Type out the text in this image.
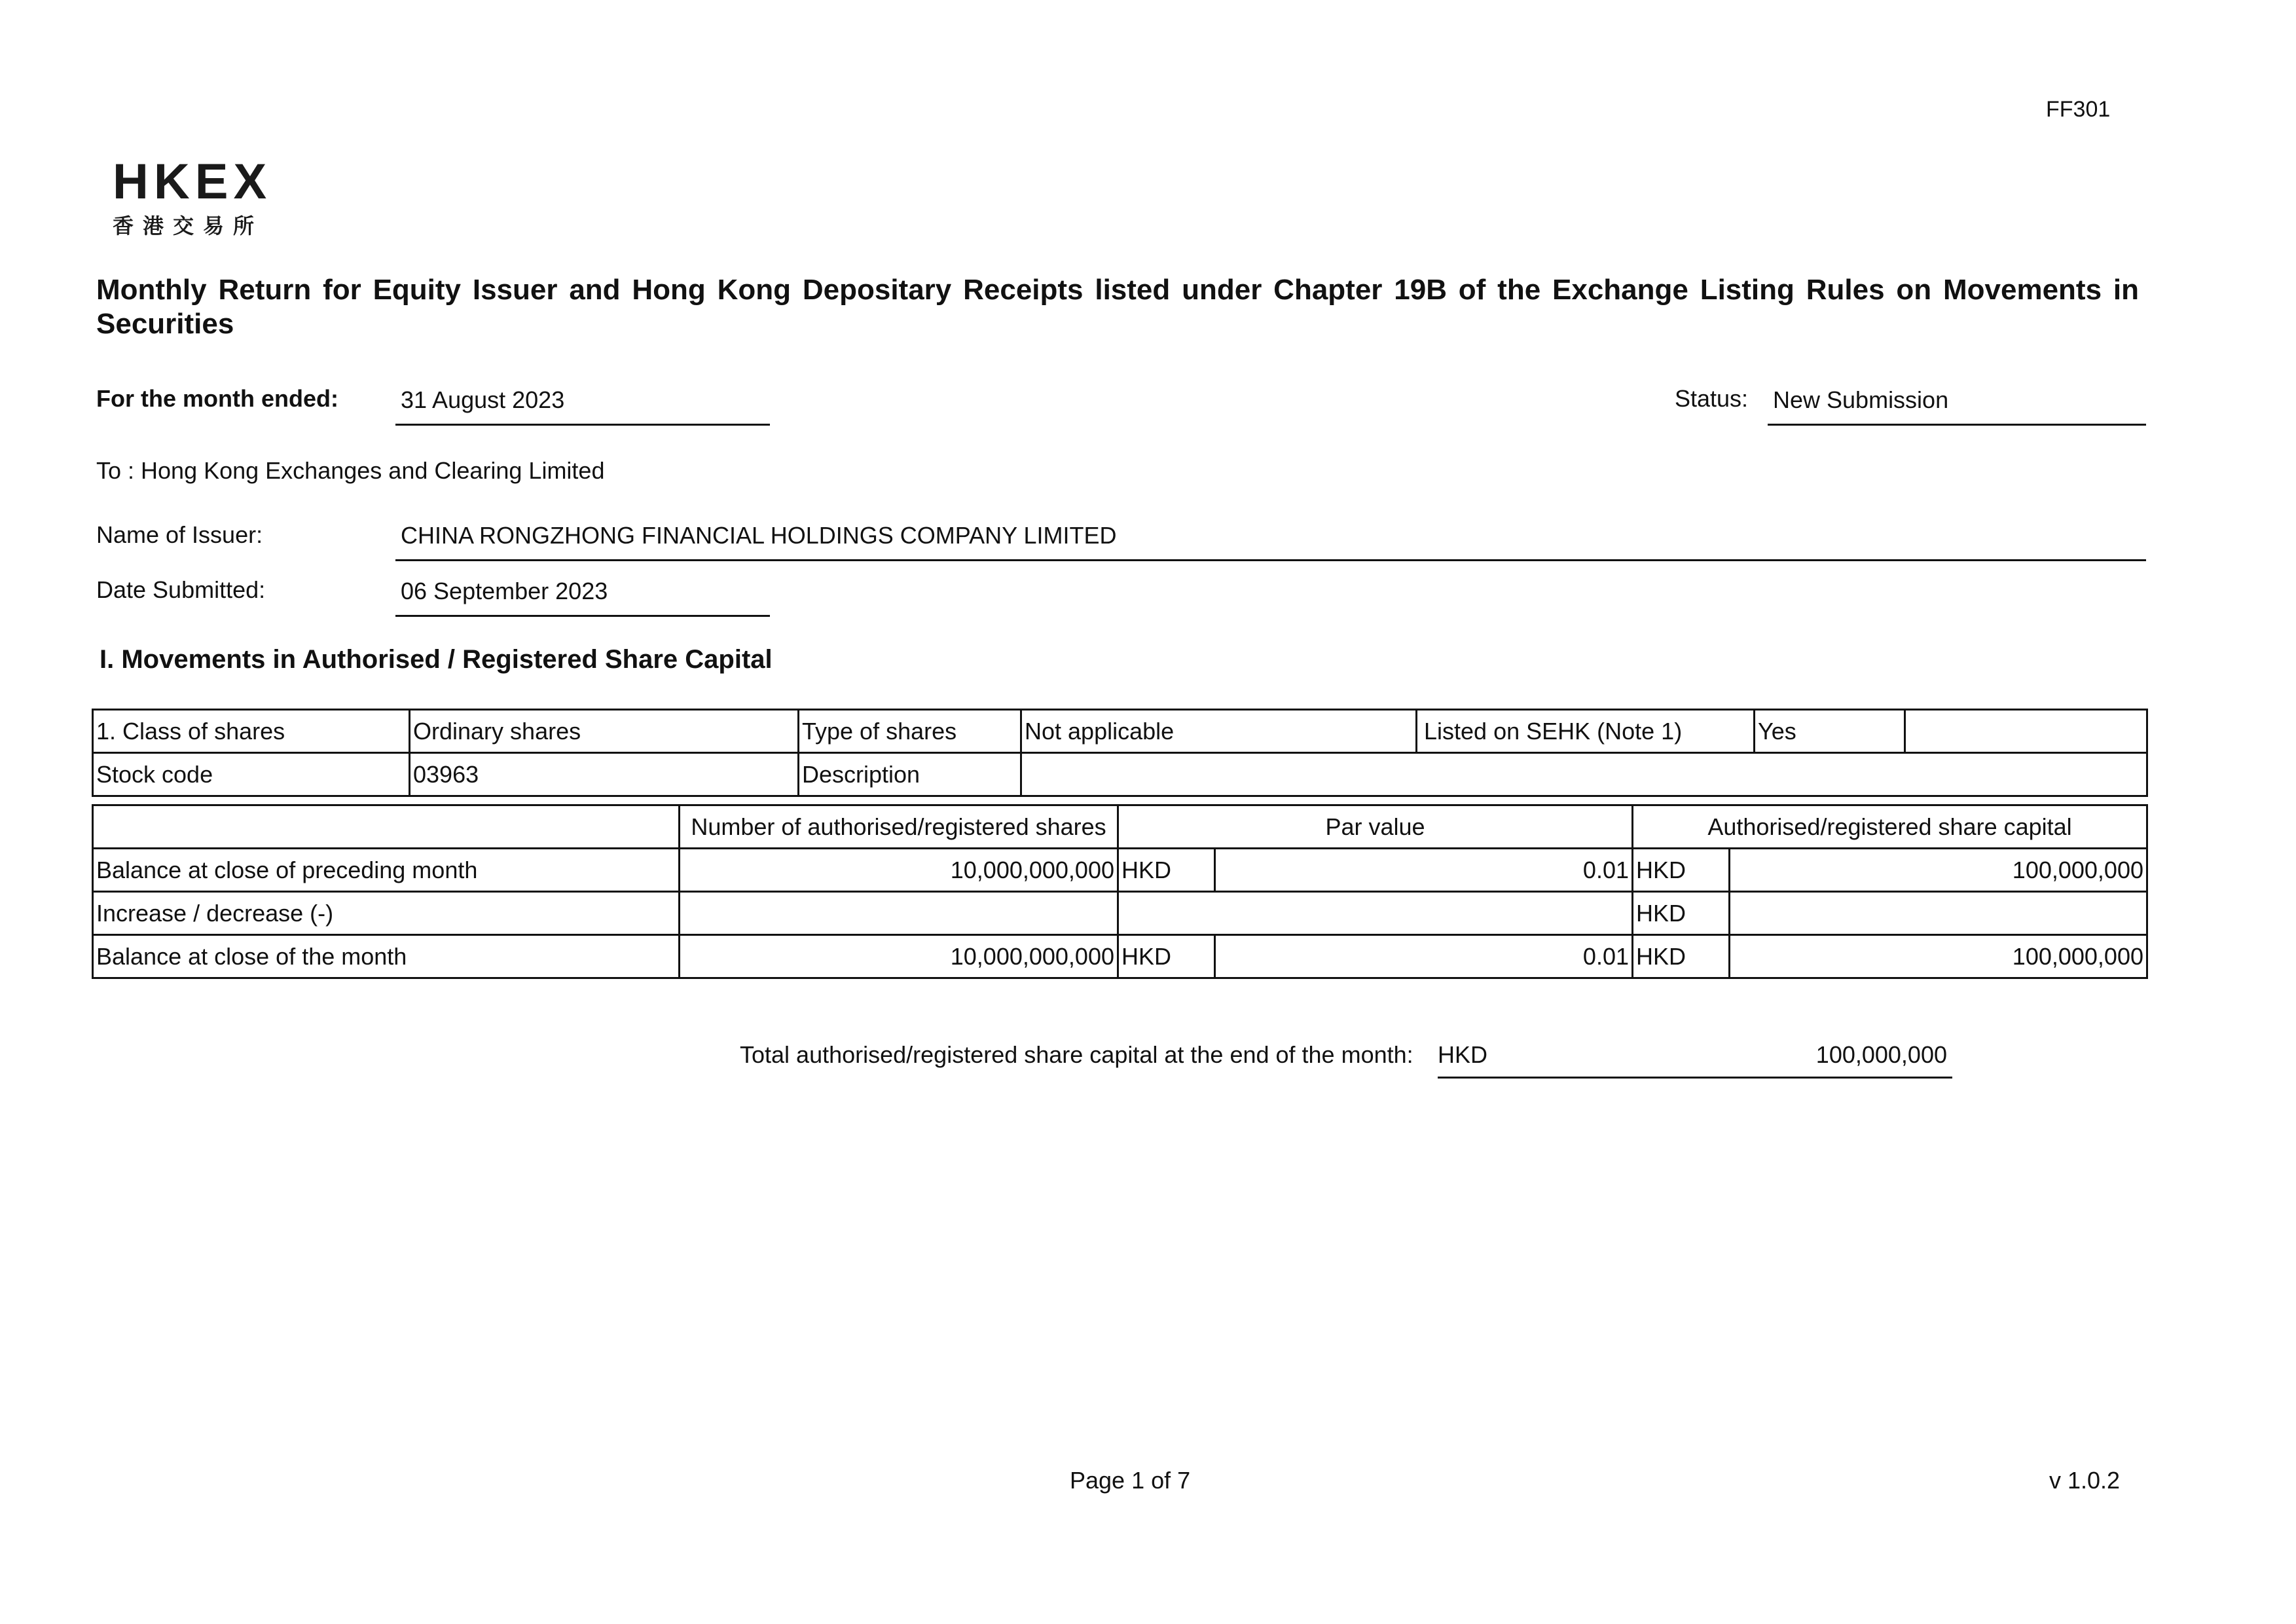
FF301
HKEX
香港交易所
Monthly Return for Equity Issuer and Hong Kong Depositary Receipts listed under Chapter 19B of the Exchange Listing Rules on Movements in Securities
For the month ended:	31 August 2023	Status: New Submission
To : Hong Kong Exchanges and Clearing Limited
Name of Issuer:	CHINA RONGZHONG FINANCIAL HOLDINGS COMPANY LIMITED
Date Submitted:	06 September 2023
I. Movements in Authorised / Registered Share Capital
1. Class of shares	Ordinary shares	Type of shares	Not applicable	Listed on SEHK (Note 1)	Yes	
Stock code	03963	Description				
	Number of authorised/registered shares	Par value		Authorised/registered share capital	
Balance at close of preceding month	10,000,000,000	HKD	0.01	HKD	100,000,000
Increase / decrease (-)				HKD	
Balance at close of the month	10,000,000,000	HKD	0.01	HKD	100,000,000
Total authorised/registered share capital at the end of the month: HKD	100,000,000
Page 1 of 7	v 1.0.2
